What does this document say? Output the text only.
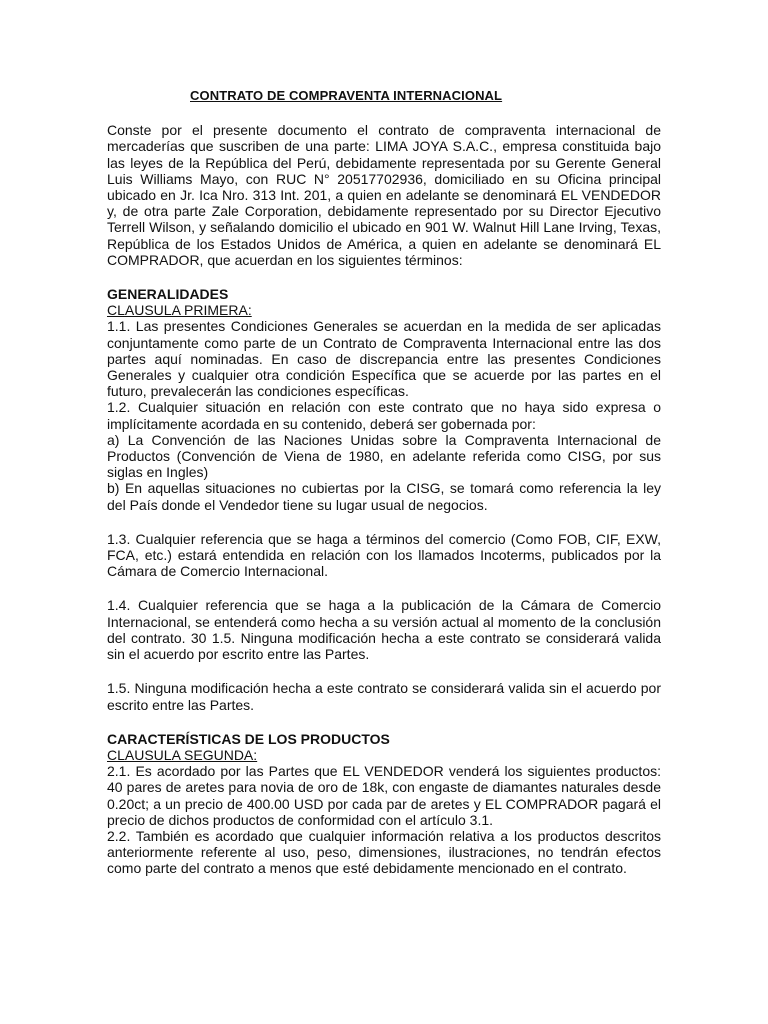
CONTRATO DE COMPRAVENTA INTERNACIONAL

Conste por el presente documento el contrato de compraventa internacional de mercaderías que suscriben de una parte: LIMA JOYA S.A.C., empresa constituida bajo las leyes de la República del Perú, debidamente representada por su Gerente General Luis Williams Mayo, con RUC N° 20517702936, domiciliado en su Oficina principal ubicado en Jr. Ica Nro. 313 Int. 201, a quien en adelante se denominará EL VENDEDOR y, de otra parte Zale Corporation, debidamente representado por su Director Ejecutivo Terrell Wilson, y señalando domicilio el ubicado en 901 W. Walnut Hill Lane Irving, Texas, República de los Estados Unidos de América, a quien en adelante se denominará EL COMPRADOR, que acuerdan en los siguientes términos:

GENERALIDADES
CLAUSULA PRIMERA:

1.1. Las presentes Condiciones Generales se acuerdan en la medida de ser aplicadas conjuntamente como parte de un Contrato de Compraventa Internacional entre las dos partes aquí nominadas. En caso de discrepancia entre las presentes Condiciones Generales y cualquier otra condición Específica que se acuerde por las partes en el futuro, prevalecerán las condiciones específicas.

1.2. Cualquier situación en relación con este contrato que no haya sido expresa o implícitamente acordada en su contenido, deberá ser gobernada por:

a) La Convención de las Naciones Unidas sobre la Compraventa Internacional de Productos (Convención de Viena de 1980, en adelante referida como CISG, por sus siglas en Ingles)

b) En aquellas situaciones no cubiertas por la CISG, se tomará como referencia la ley del País donde el Vendedor tiene su lugar usual de negocios.

1.3. Cualquier referencia que se haga a términos del comercio (Como FOB, CIF, EXW, FCA, etc.) estará entendida en relación con los llamados Incoterms, publicados por la Cámara de Comercio Internacional.

1.4. Cualquier referencia que se haga a la publicación de la Cámara de Comercio Internacional, se entenderá como hecha a su versión actual al momento de la conclusión del contrato. 30 1.5. Ninguna modificación hecha a este contrato se considerará valida sin el acuerdo por escrito entre las Partes.

1.5. Ninguna modificación hecha a este contrato se considerará valida sin el acuerdo por escrito entre las Partes.

CARACTERÍSTICAS DE LOS PRODUCTOS
CLAUSULA SEGUNDA:

2.1. Es acordado por las Partes que EL VENDEDOR venderá los siguientes productos: 40 pares de aretes para novia de oro de 18k, con engaste de diamantes naturales desde 0.20ct; a un precio de 400.00 USD por cada par de aretes y EL COMPRADOR pagará el precio de dichos productos de conformidad con el artículo 3.1.

2.2. También es acordado que cualquier información relativa a los productos descritos anteriormente referente al uso, peso, dimensiones, ilustraciones, no tendrán efectos como parte del contrato a menos que esté debidamente mencionado en el contrato.
